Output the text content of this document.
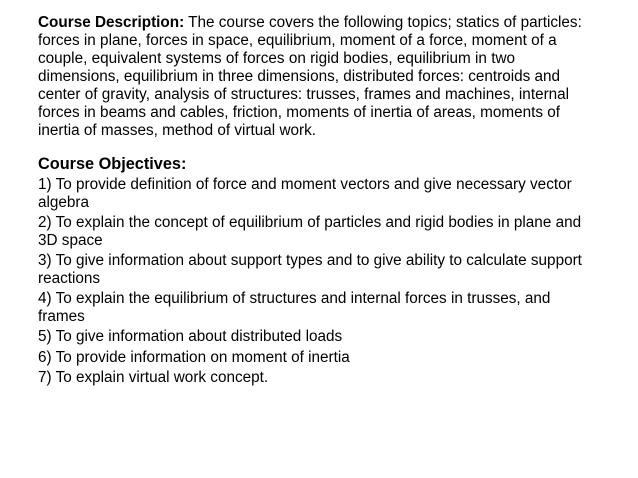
Course Description: The course covers the following topics; statics of particles: forces in plane, forces in space, equilibrium, moment of a force, moment of a couple, equivalent systems of forces on rigid bodies, equilibrium in two dimensions, equilibrium in three dimensions, distributed forces: centroids and center of gravity, analysis of structures: trusses, frames and machines, internal forces in beams and cables, friction, moments of inertia of areas, moments of inertia of masses, method of virtual work.

Course Objectives:

1) To provide definition of force and moment vectors and give necessary vector algebra

2) To explain the concept of equilibrium of particles and rigid bodies in plane and 3D space

3) To give information about support types and to give ability to calculate support reactions

4) To explain the equilibrium of structures and internal forces in trusses, and frames

5) To give information about distributed loads

6) To provide information on moment of inertia

7) To explain virtual work concept.
